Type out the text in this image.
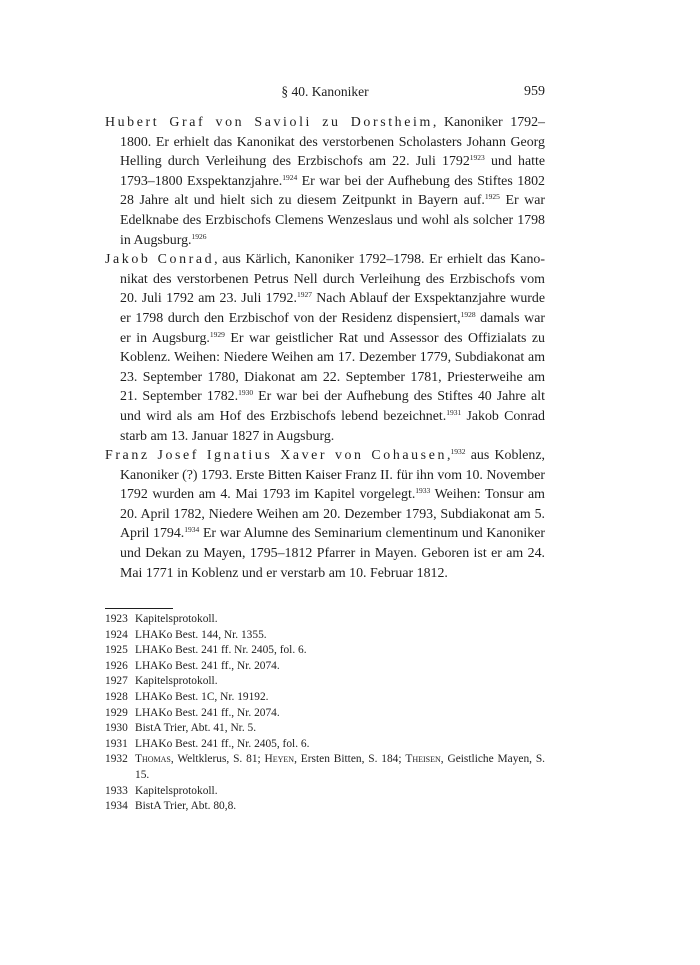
§ 40. Kanoniker	959

Hubert Graf von Savioli zu Dorstheim, Kanoniker 1792–1800. Er erhielt das Kanonikat des verstorbenen Scholasters Johann Georg Helling durch Verleihung des Erzbischofs am 22. Juli $1792^{1923}$ und hatte 1793–1800 Exspektanzjahre.$^{1924}$ Er war bei der Aufhebung des Stiftes 1802 28 Jahre alt und hielt sich zu diesem Zeitpunkt in Bayern auf.$^{1925}$ Er war Edelknabe des Erzbischofs Clemens Wenzeslaus und wohl als solcher 1798 in Augsburg.$^{1926}$

Jakob Conrad, aus Kärlich, Kanoniker 1792–1798. Er erhielt das Kanonikat des verstorbenen Petrus Nell durch Verleihung des Erzbischofs vom 20. Juli 1792 am 23. Juli 1792.$^{1927}$ Nach Ablauf der Exspektanzjahre wurde er 1798 durch den Erzbischof von der Residenz dispensiert,$^{1928}$ damals war er in Augsburg.$^{1929}$ Er war geistlicher Rat und Assessor des Offizialats zu Koblenz. Weihen: Niedere Weihen am 17. Dezember 1779, Subdiakonat am 23. September 1780, Diakonat am 22. September 1781, Priesterweihe am 21. September 1782.$^{1930}$ Er war bei der Aufhebung des Stiftes 40 Jahre alt und wird als am Hof des Erzbischofs lebend bezeichnet.$^{1931}$ Jakob Conrad starb am 13. Januar 1827 in Augsburg.

Franz Josef Ignatius Xaver von Cohausen,$^{1932}$ aus Koblenz, Kanoniker (?) 1793. Erste Bitten Kaiser Franz II. für ihn vom 10. November 1792 wurden am 4. Mai 1793 im Kapitel vorgelegt.$^{1933}$ Weihen: Tonsur am 20. April 1782, Niedere Weihen am 20. Dezember 1793, Subdiakonat am 5. April 1794.$^{1934}$ Er war Alumne des Seminarium clementinum und Kanoniker und Dekan zu Mayen, 1795–1812 Pfarrer in Mayen. Geboren ist er am 24. Mai 1771 in Koblenz und er verstarb am 10. Februar 1812.

1923 Kapitelsprotokoll.
1924 LHAKo Best. 144, Nr. 1355.
1925 LHAKo Best. 241 ff. Nr. 2405, fol. 6.
1926 LHAKo Best. 241 ff., Nr. 2074.
1927 Kapitelsprotokoll.
1928 LHAKo Best. 1C, Nr. 19192.
1929 LHAKo Best. 241 ff., Nr. 2074.
1930 BistA Trier, Abt. 41, Nr. 5.
1931 LHAKo Best. 241 ff., Nr. 2405, fol. 6.
1932 Thomas, Weltklerus, S. 81; Heyen, Ersten Bitten, S. 184; Theisen, Geistliche Mayen, S. 15.
1933 Kapitelsprotokoll.
1934 BistA Trier, Abt. 80,8.
